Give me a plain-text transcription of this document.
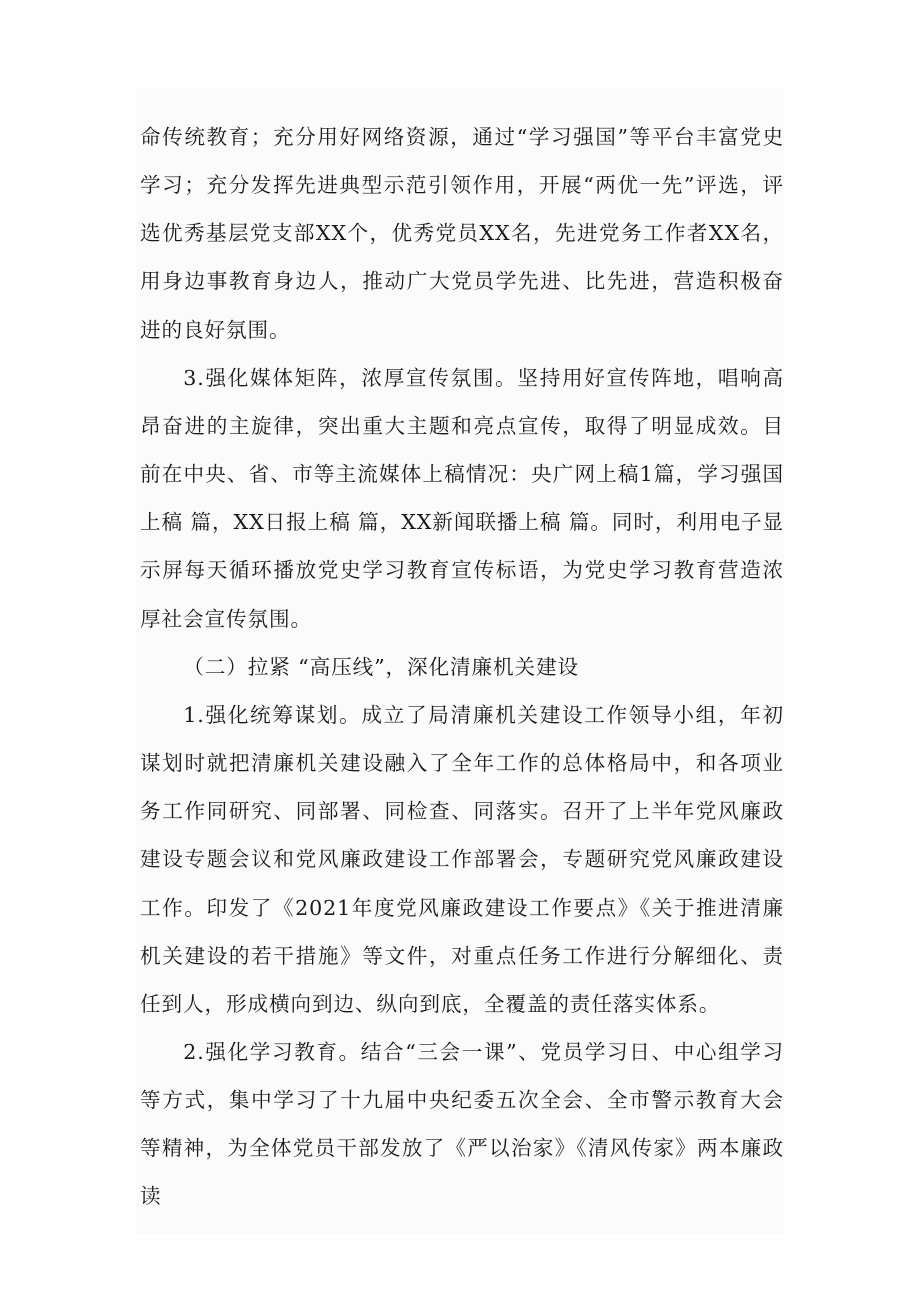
命传统教育；充分用好网络资源，通过“学习强国”等平台丰富党史学习；充分发挥先进典型示范引领作用，开展“两优一先”评选，评选优秀基层党支部XX个，优秀党员XX名，先进党务工作者XX名，用身边事教育身边人，推动广大党员学先进、比先进，营造积极奋进的良好氛围。

3.强化媒体矩阵，浓厚宣传氛围。坚持用好宣传阵地，唱响高昂奋进的主旋律，突出重大主题和亮点宣传，取得了明显成效。目前在中央、省、市等主流媒体上稿情况：央广网上稿1篇，学习强国上稿 篇，XX日报上稿 篇，XX新闻联播上稿 篇。同时，利用电子显示屏每天循环播放党史学习教育宣传标语，为党史学习教育营造浓厚社会宣传氛围。

（二）拉紧 “高压线”，深化清廉机关建设

1.强化统筹谋划。成立了局清廉机关建设工作领导小组，年初谋划时就把清廉机关建设融入了全年工作的总体格局中，和各项业务工作同研究、同部署、同检查、同落实。召开了上半年党风廉政建设专题会议和党风廉政建设工作部署会，专题研究党风廉政建设工作。印发了《2021年度党风廉政建设工作要点》《关于推进清廉机关建设的若干措施》等文件，对重点任务工作进行分解细化、责任到人，形成横向到边、纵向到底，全覆盖的责任落实体系。

2.强化学习教育。结合“三会一课”、党员学习日、中心组学习等方式，集中学习了十九届中央纪委五次全会、全市警示教育大会等精神，为全体党员干部发放了《严以治家》《清风传家》两本廉政读
